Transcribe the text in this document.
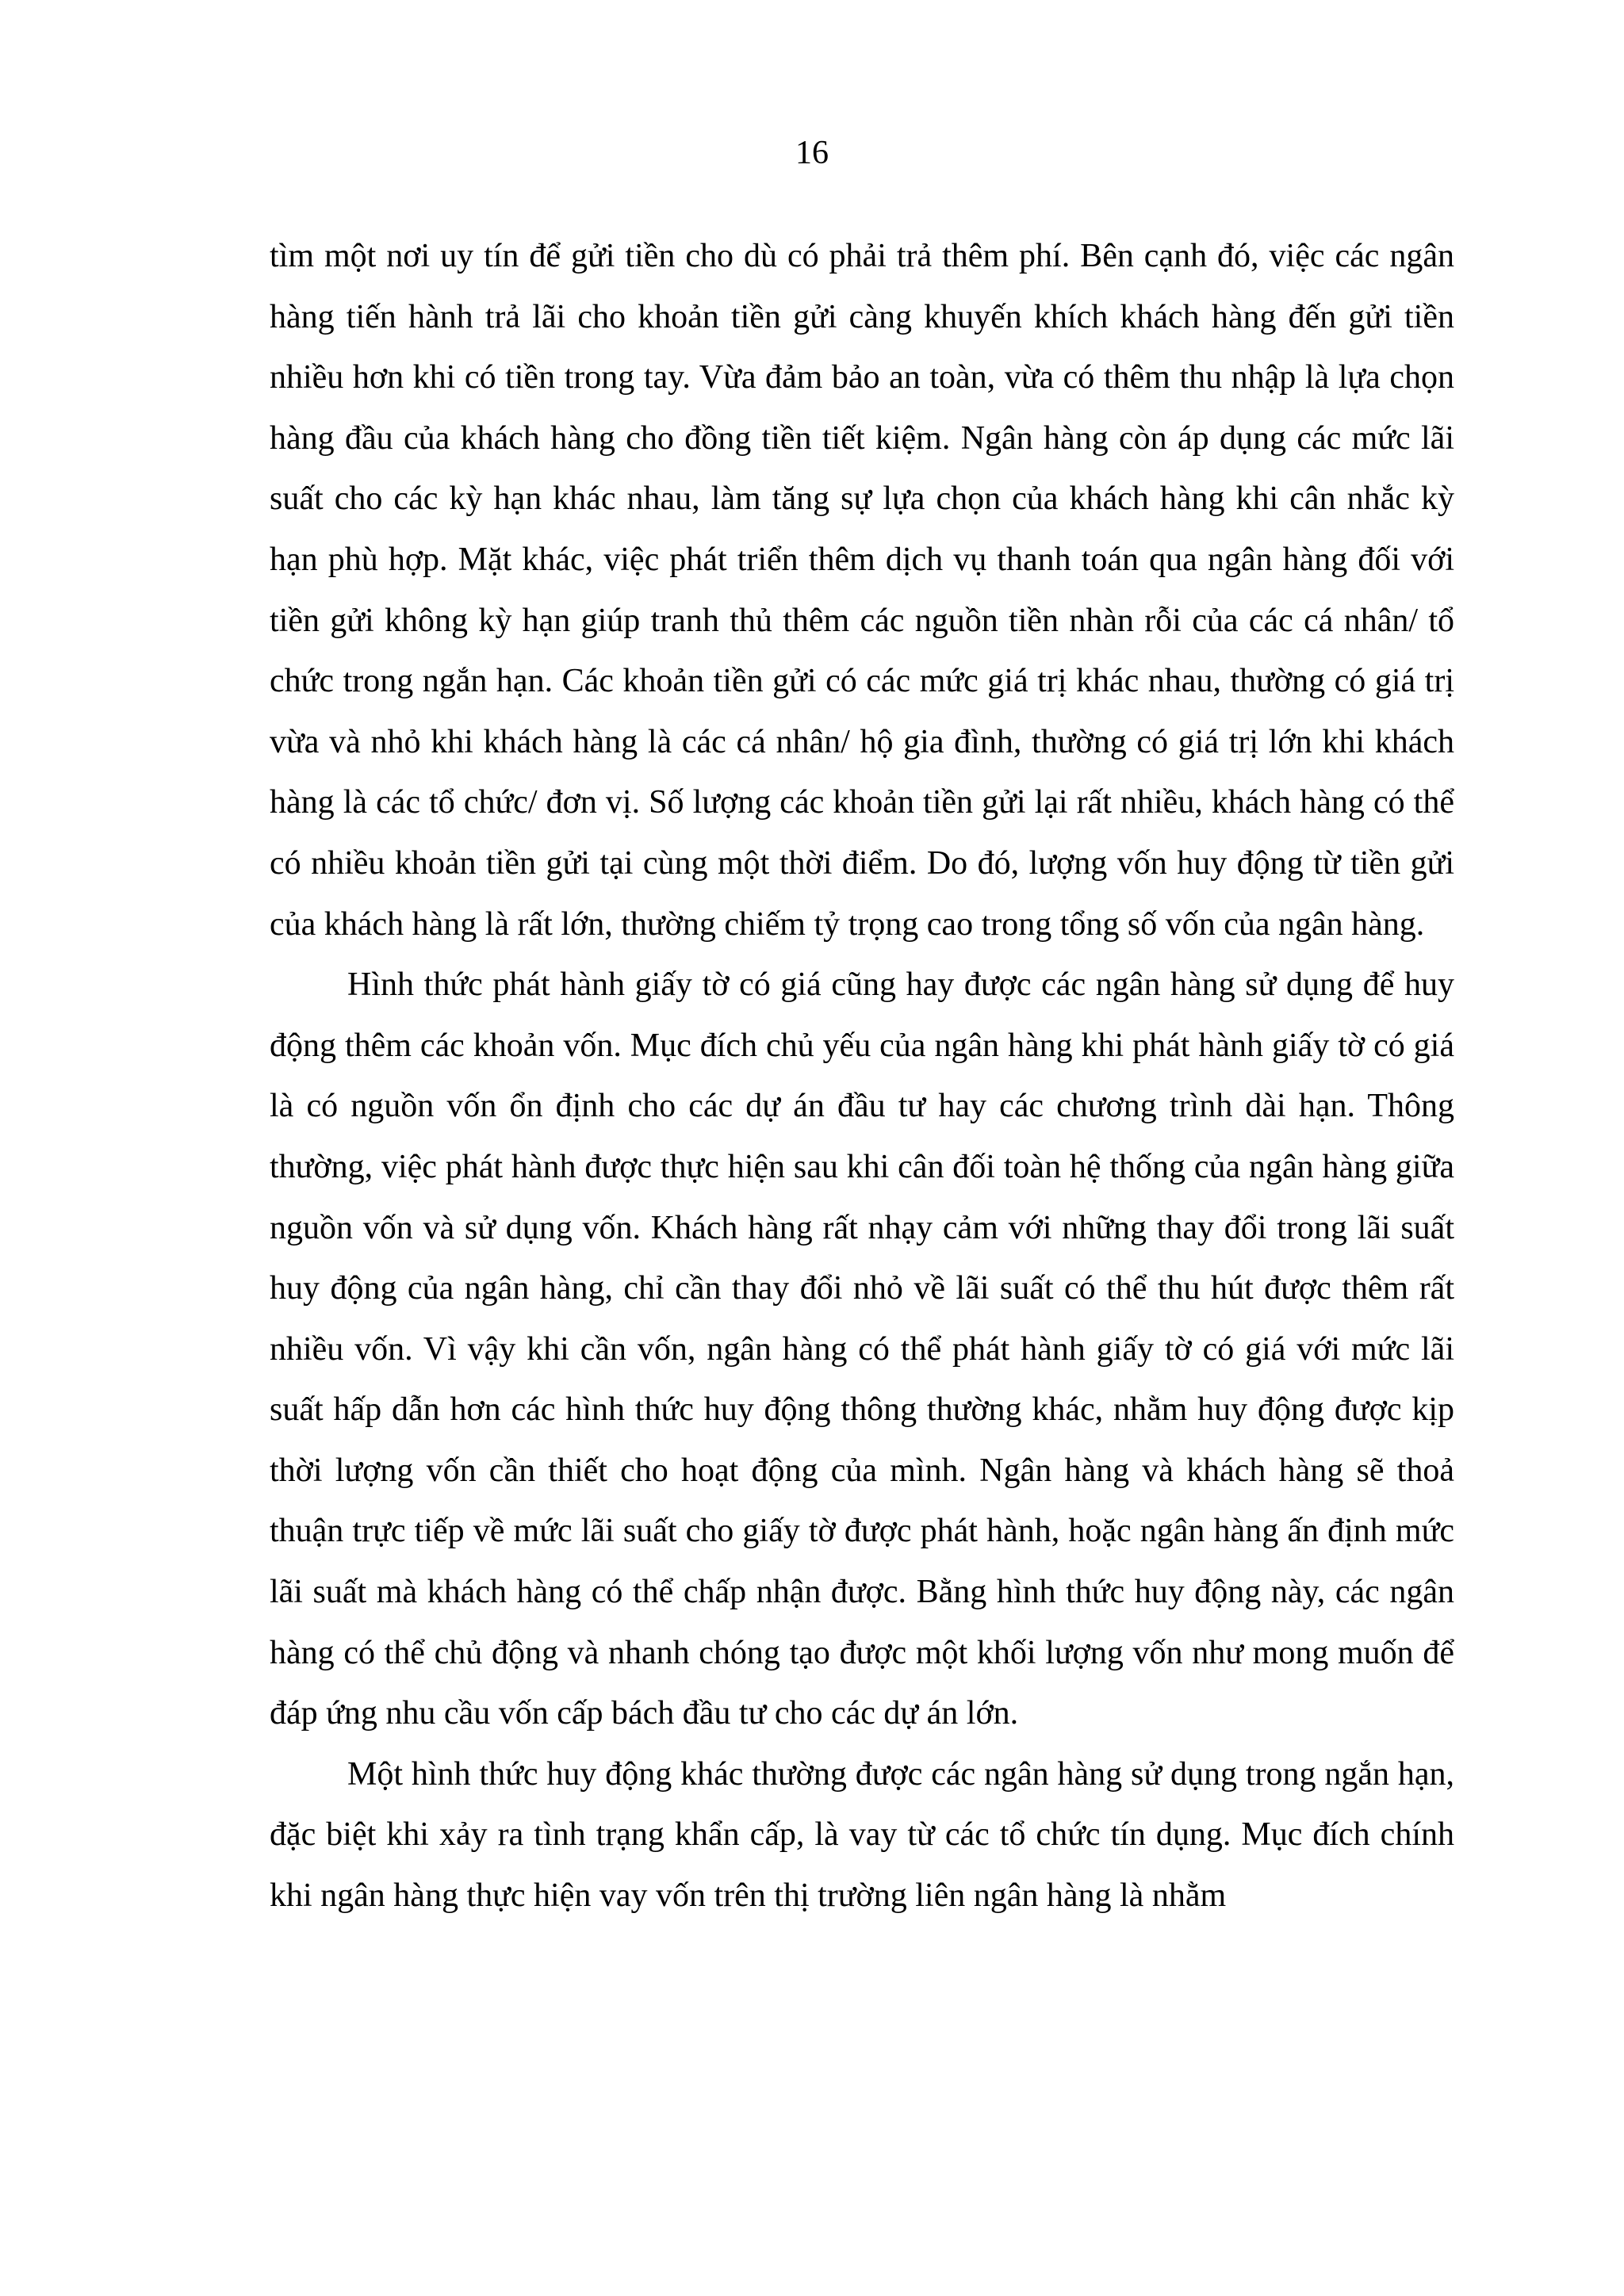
16

tìm một nơi uy tín để gửi tiền cho dù có phải trả thêm phí. Bên cạnh đó, việc các ngân hàng tiến hành trả lãi cho khoản tiền gửi càng khuyến khích khách hàng đến gửi tiền nhiều hơn khi có tiền trong tay. Vừa đảm bảo an toàn, vừa có thêm thu nhập là lựa chọn hàng đầu của khách hàng cho đồng tiền tiết kiệm. Ngân hàng còn áp dụng các mức lãi suất cho các kỳ hạn khác nhau, làm tăng sự lựa chọn của khách hàng khi cân nhắc kỳ hạn phù hợp. Mặt khác, việc phát triển thêm dịch vụ thanh toán qua ngân hàng đối với tiền gửi không kỳ hạn giúp tranh thủ thêm các nguồn tiền nhàn rỗi của các cá nhân/ tổ chức trong ngắn hạn. Các khoản tiền gửi có các mức giá trị khác nhau, thường có giá trị vừa và nhỏ khi khách hàng là các cá nhân/ hộ gia đình, thường có giá trị lớn khi khách hàng là các tổ chức/ đơn vị. Số lượng các khoản tiền gửi lại rất nhiều, khách hàng có thể có nhiều khoản tiền gửi tại cùng một thời điểm. Do đó, lượng vốn huy động từ tiền gửi của khách hàng là rất lớn, thường chiếm tỷ trọng cao trong tổng số vốn của ngân hàng.

Hình thức phát hành giấy tờ có giá cũng hay được các ngân hàng sử dụng để huy động thêm các khoản vốn. Mục đích chủ yếu của ngân hàng khi phát hành giấy tờ có giá là có nguồn vốn ổn định cho các dự án đầu tư hay các chương trình dài hạn. Thông thường, việc phát hành được thực hiện sau khi cân đối toàn hệ thống của ngân hàng giữa nguồn vốn và sử dụng vốn. Khách hàng rất nhạy cảm với những thay đổi trong lãi suất huy động của ngân hàng, chỉ cần thay đổi nhỏ về lãi suất có thể thu hút được thêm rất nhiều vốn. Vì vậy khi cần vốn, ngân hàng có thể phát hành giấy tờ có giá với mức lãi suất hấp dẫn hơn các hình thức huy động thông thường khác, nhằm huy động được kịp thời lượng vốn cần thiết cho hoạt động của mình. Ngân hàng và khách hàng sẽ thoả thuận trực tiếp về mức lãi suất cho giấy tờ được phát hành, hoặc ngân hàng ấn định mức lãi suất mà khách hàng có thể chấp nhận được. Bằng hình thức huy động này, các ngân hàng có thể chủ động và nhanh chóng tạo được một khối lượng vốn như mong muốn để đáp ứng nhu cầu vốn cấp bách đầu tư cho các dự án lớn.

Một hình thức huy động khác thường được các ngân hàng sử dụng trong ngắn hạn, đặc biệt khi xảy ra tình trạng khẩn cấp, là vay từ các tổ chức tín dụng. Mục đích chính khi ngân hàng thực hiện vay vốn trên thị trường liên ngân hàng là nhằm
